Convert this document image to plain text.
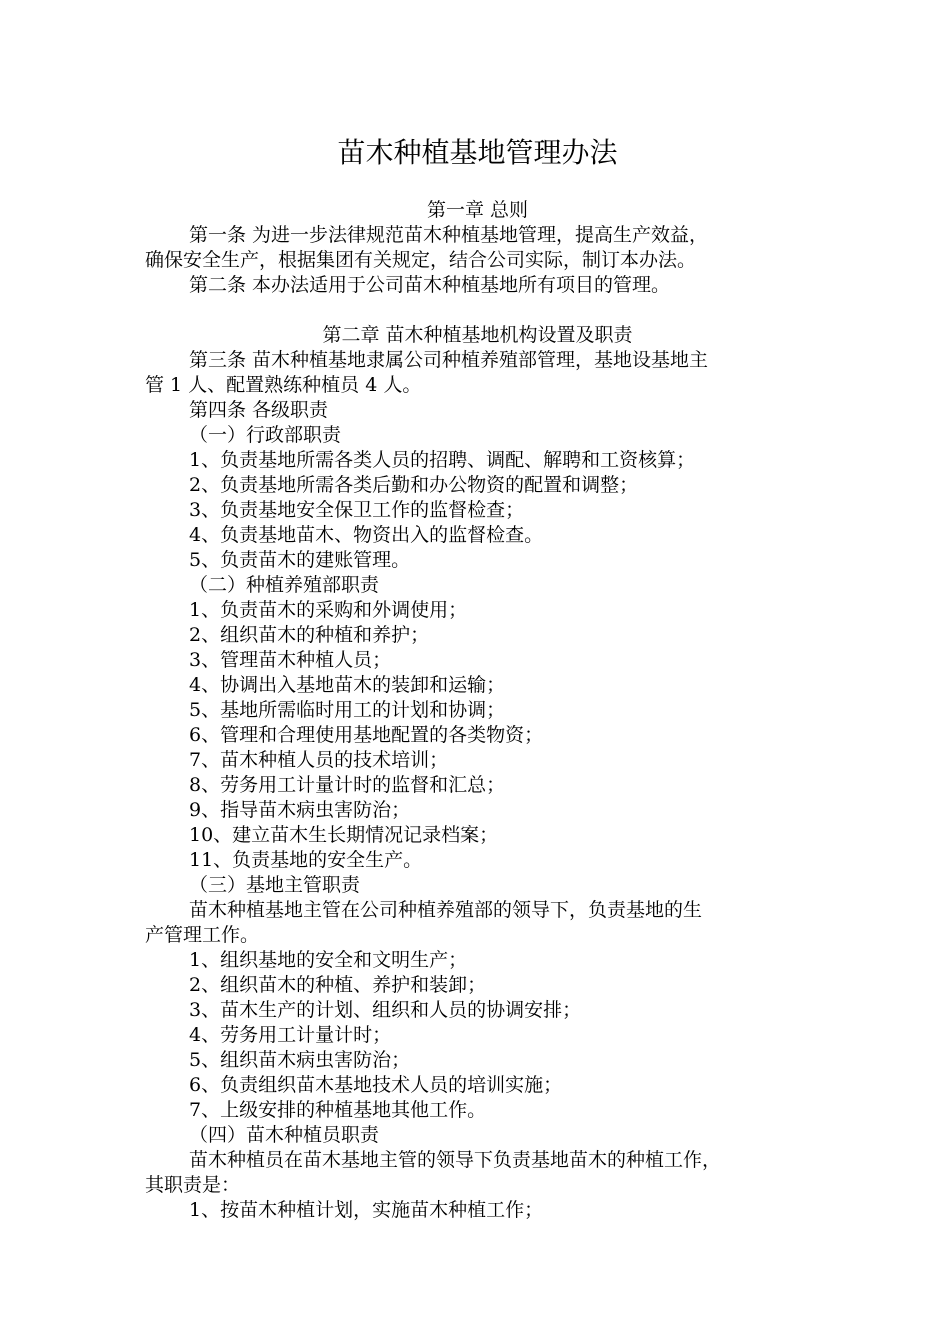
苗木种植基地管理办法

第一章 总则

第一条 为进一步法律规范苗木种植基地管理，提高生产效益，

确保安全生产，根据集团有关规定，结合公司实际，制订本办法。

第二条 本办法适用于公司苗木种植基地所有项目的管理。

第二章 苗木种植基地机构设置及职责

第三条 苗木种植基地隶属公司种植养殖部管理，基地设基地主

管 1 人、配置熟练种植员 4 人。

第四条 各级职责

（一）行政部职责

1、负责基地所需各类人员的招聘、调配、解聘和工资核算；

2、负责基地所需各类后勤和办公物资的配置和调整；

3、负责基地安全保卫工作的监督检查；

4、负责基地苗木、物资出入的监督检查。

5、负责苗木的建账管理。

（二）种植养殖部职责

1、负责苗木的采购和外调使用；

2、组织苗木的种植和养护；

3、管理苗木种植人员；

4、协调出入基地苗木的装卸和运输；

5、基地所需临时用工的计划和协调；

6、管理和合理使用基地配置的各类物资；

7、苗木种植人员的技术培训；

8、劳务用工计量计时的监督和汇总；

9、指导苗木病虫害防治；

10、建立苗木生长期情况记录档案；

11、负责基地的安全生产。

（三）基地主管职责

苗木种植基地主管在公司种植养殖部的领导下，负责基地的生

产管理工作。

1、组织基地的安全和文明生产；

2、组织苗木的种植、养护和装卸；

3、苗木生产的计划、组织和人员的协调安排；

4、劳务用工计量计时；

5、组织苗木病虫害防治；

6、负责组织苗木基地技术人员的培训实施；

7、上级安排的种植基地其他工作。

（四）苗木种植员职责

苗木种植员在苗木基地主管的领导下负责基地苗木的种植工作，

其职责是：

1、按苗木种植计划，实施苗木种植工作；
